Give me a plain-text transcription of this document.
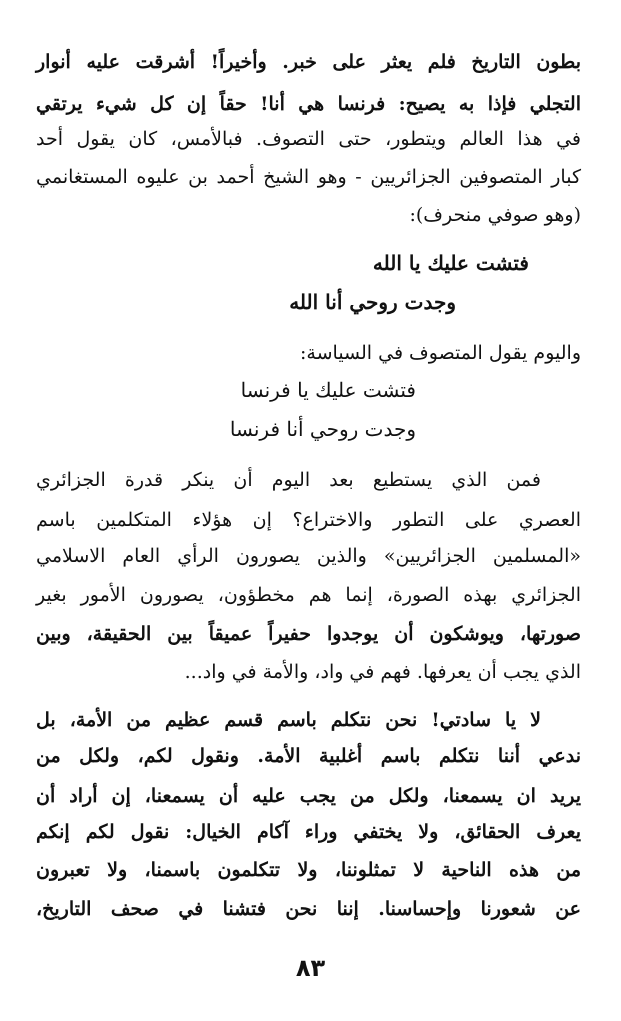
بطون التاريخ فلم يعثر على خبر. وأخيراً! أشرقت عليه أنوار
التجلي فإذا به يصيح: فرنسا هي أنا! حقاً إن كل شيء يرتقي
في هذا العالم ويتطور، حتى التصوف. فبالأمس، كان يقول أحد
كبار المتصوفين الجزائريين - وهو الشيخ أحمد بن عليوه المستغانمي
(وهو صوفي منحرف):
فتشت عليك يا الله
وجدت روحي أنا الله
واليوم يقول المتصوف في السياسة:
فتشت عليك يا فرنسا
وجدت روحي أنا فرنسا
فمن الذي يستطيع بعد اليوم أن ينكر قدرة الجزائري
العصري على التطور والاختراع؟ إن هؤلاء المتكلمين باسم
«المسلمين الجزائريين» والذين يصورون الرأي العام الاسلامي
الجزائري بهذه الصورة، إنما هم مخطؤون، يصورون الأمور بغير
صورتها، ويوشكون أن يوجدوا حفيراً عميقاً بين الحقيقة، وبين
الذي يجب أن يعرفها. فهم في واد، والأمة في واد...
لا يا سادتي! نحن نتكلم باسم قسم عظيم من الأمة، بل
ندعي أننا نتكلم باسم أغلبية الأمة. ونقول لكم، ولكل من
يريد ان يسمعنا، ولكل من يجب عليه أن يسمعنا، إن أراد أن
يعرف الحقائق، ولا يختفي وراء آكام الخيال: نقول لكم إنكم
من هذه الناحية لا تمثلوننا، ولا تتكلمون باسمنا، ولا تعبرون
عن شعورنا وإحساسنا. إننا نحن فتشنا في صحف التاريخ،
٨٣
